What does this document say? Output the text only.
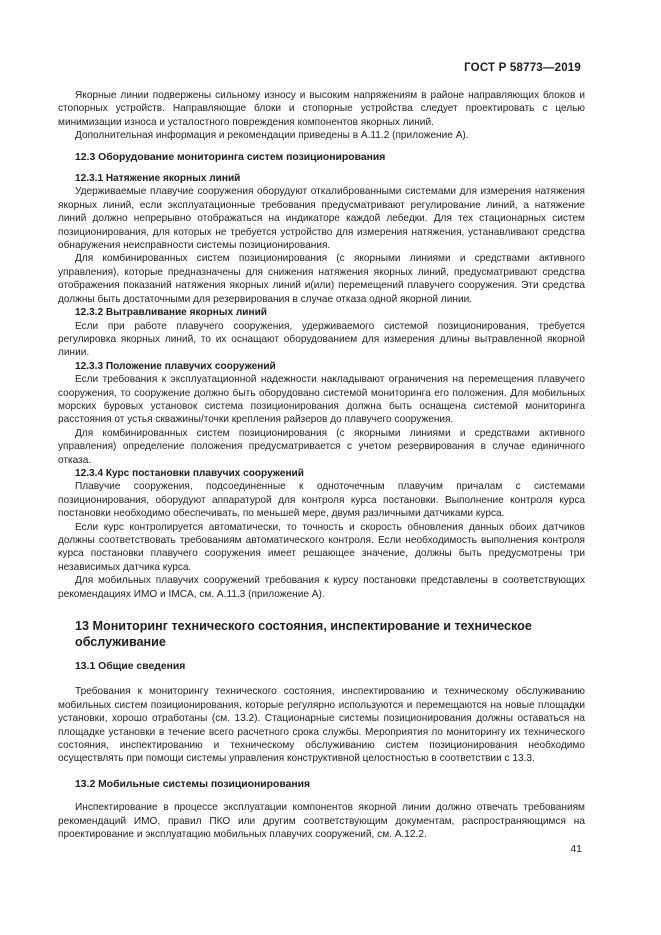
ГОСТ Р 58773—2019

Якорные линии подвержены сильному износу и высоким напряжениям в районе направляющих блоков и стопорных устройств. Направляющие блоки и стопорные устройства следует проектировать с целью минимизации износа и усталостного повреждения компонентов якорных линий.

Дополнительная информация и рекомендации приведены в А.11.2 (приложение А).

12.3 Оборудование мониторинга систем позиционирования

12.3.1 Натяжение якорных линий

Удерживаемые плавучие сооружения оборудуют откалиброванными системами для измерения натяжения якорных линий, если эксплуатационные требования предусматривают регулирование линий, а натяжение линий должно непрерывно отображаться на индикаторе каждой лебедки. Для тех стационарных систем позиционирования, для которых не требуется устройство для измерения натяжения, устанавливают средства обнаружения неисправности системы позиционирования.

Для комбинированных систем позиционирования (с якорными линиями и средствами активного управления), которые предназначены для снижения натяжения якорных линий, предусматривают средства отображения показаний натяжения якорных линий и(или) перемещений плавучего сооружения. Эти средства должны быть достаточными для резервирования в случае отказа одной якорной линии.

12.3.2 Вытравливание якорных линий

Если при работе плавучего сооружения, удерживаемого системой позиционирования, требуется регулировка якорных линий, то их оснащают оборудованием для измерения длины вытравленной якорной линии.

12.3.3 Положение плавучих сооружений

Если требования к эксплуатационной надежности накладывают ограничения на перемещения плавучего сооружения, то сооружение должно быть оборудовано системой мониторинга его положения. Для мобильных морских буровых установок система позиционирования должна быть оснащена системой мониторинга расстояния от устья скважины/точки крепления райзеров до плавучего сооружения.

Для комбинированных систем позиционирования (с якорными линиями и средствами активного управления) определение положения предусматривается с учетом резервирования в случае единичного отказа.

12.3.4 Курс постановки плавучих сооружений

Плавучие сооружения, подсоединенные к одноточечным плавучим причалам с системами позиционирования, оборудуют аппаратурой для контроля курса постановки. Выполнение контроля курса постановки необходимо обеспечивать, по меньшей мере, двумя различными датчиками курса.

Если курс контролируется автоматически, то точность и скорость обновления данных обоих датчиков должны соответствовать требованиям автоматического контроля. Если необходимость выполнения контроля курса постановки плавучего сооружения имеет решающее значение, должны быть предусмотрены три независимых датчика курса.

Для мобильных плавучих сооружений требования к курсу постановки представлены в соответствующих рекомендациях ИМО и IMCA, см. А.11.3 (приложение А).

13 Мониторинг технического состояния, инспектирование и техническое обслуживание

13.1 Общие сведения

Требования к мониторингу технического состояния, инспектированию и техническому обслуживанию мобильных систем позиционирования, которые регулярно используются и перемещаются на новые площадки установки, хорошо отработаны (см. 13.2). Стационарные системы позиционирования должны оставаться на площадке установки в течение всего расчетного срока службы. Мероприятия по мониторингу их технического состояния, инспектированию и техническому обслуживанию систем позиционирования необходимо осуществлять при помощи системы управления конструктивной целостностью в соответствии с 13.3.

13.2 Мобильные системы позиционирования

Инспектирование в процессе эксплуатации компонентов якорной линии должно отвечать требованиям рекомендаций ИМО, правил ПКО или другим соответствующим документам, распространяющимся на проектирование и эксплуатацию мобильных плавучих сооружений, см. А.12.2.

41
